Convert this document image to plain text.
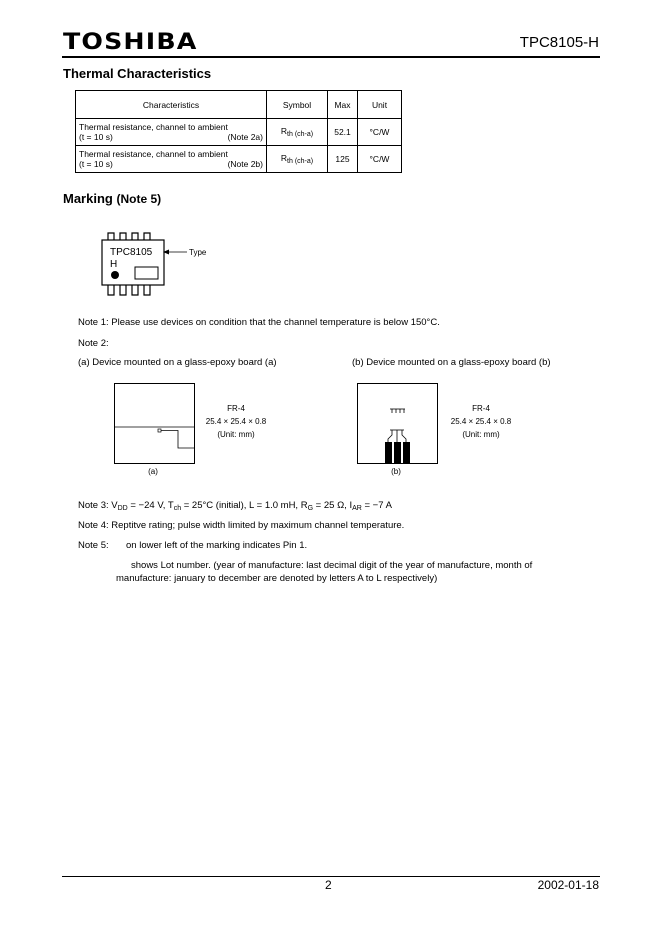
TOSHIBA	TPC8105-H
Thermal Characteristics
Characteristics	Symbol	Max	Unit

Thermal resistance, channel to ambient
(t = 10 s) (Note 2a)	$R_{th (ch-a)}$	52.1	°C/W

Thermal resistance, channel to ambient
(t = 10 s) (Note 2b)	$R_{th (ch-a)}$	125	°C/W
Marking (Note 5)
TPC8105
H
Type
Note 1: Please use devices on condition that the channel temperature is below 150°C.
Note 2:
(a) Device mounted on a glass-epoxy board (a)	(b) Device mounted on a glass-epoxy board (b)
FR-4
25.4 × 25.4 × 0.8
(Unit: mm)
(a)
FR-4
25.4 × 25.4 × 0.8
(Unit: mm)
(b)
Note 3: $V_{DD} = -24$ V, $T_{ch} = 25^\circ C$ (initial), L = 1.0 mH, $R_G = 25$ Ω, $I_{AR} = -7$ A
Note 4: Reptitve rating; pulse width limited by maximum channel temperature.
Note 5: on lower left of the marking indicates Pin 1.
shows Lot number. (year of manufacture: last decimal digit of the year of manufacture, month of
manufacture: january to december are denoted by letters A to L respectively)
2	2002-01-18
